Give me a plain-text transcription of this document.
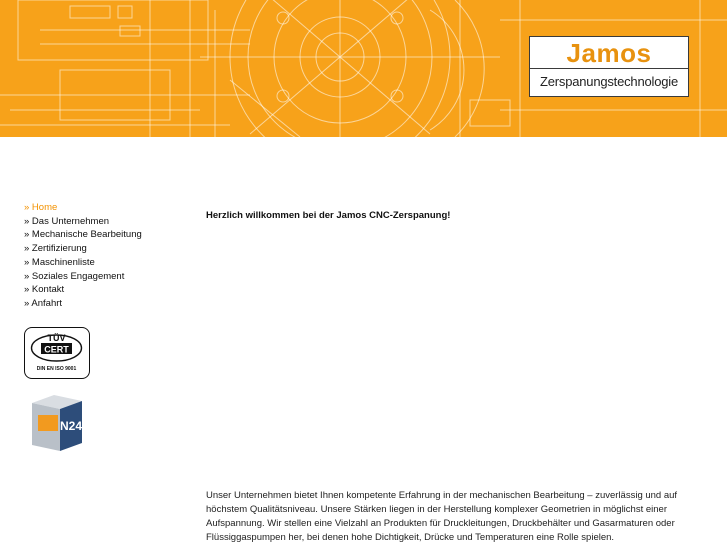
Jamos
Zerspanungstechnologie
» Home
» Das Unternehmen
» Mechanische Bearbeitung
» Zertifizierung
» Maschinenliste
» Soziales Engagement
» Kontakt
» Anfahrt
TÜV
CERT
DIN EN ISO 9001
N24
Herzlich willkommen bei der Jamos CNC-Zerspanung!
Unser Unternehmen bietet Ihnen kompetente Erfahrung in der mechanischen Bearbeitung – zuverlässig und auf höchstem Qualitätsniveau. Unsere Stärken liegen in der Herstellung komplexer Geometrien in möglichst einer Aufspannung. Wir stellen eine Vielzahl an Produkten für Druckleitungen, Druckbehälter und Gasarmaturen oder Flüssiggaspumpen her, bei denen hohe Dichtigkeit, Drücke und Temperaturen eine Rolle spielen.
